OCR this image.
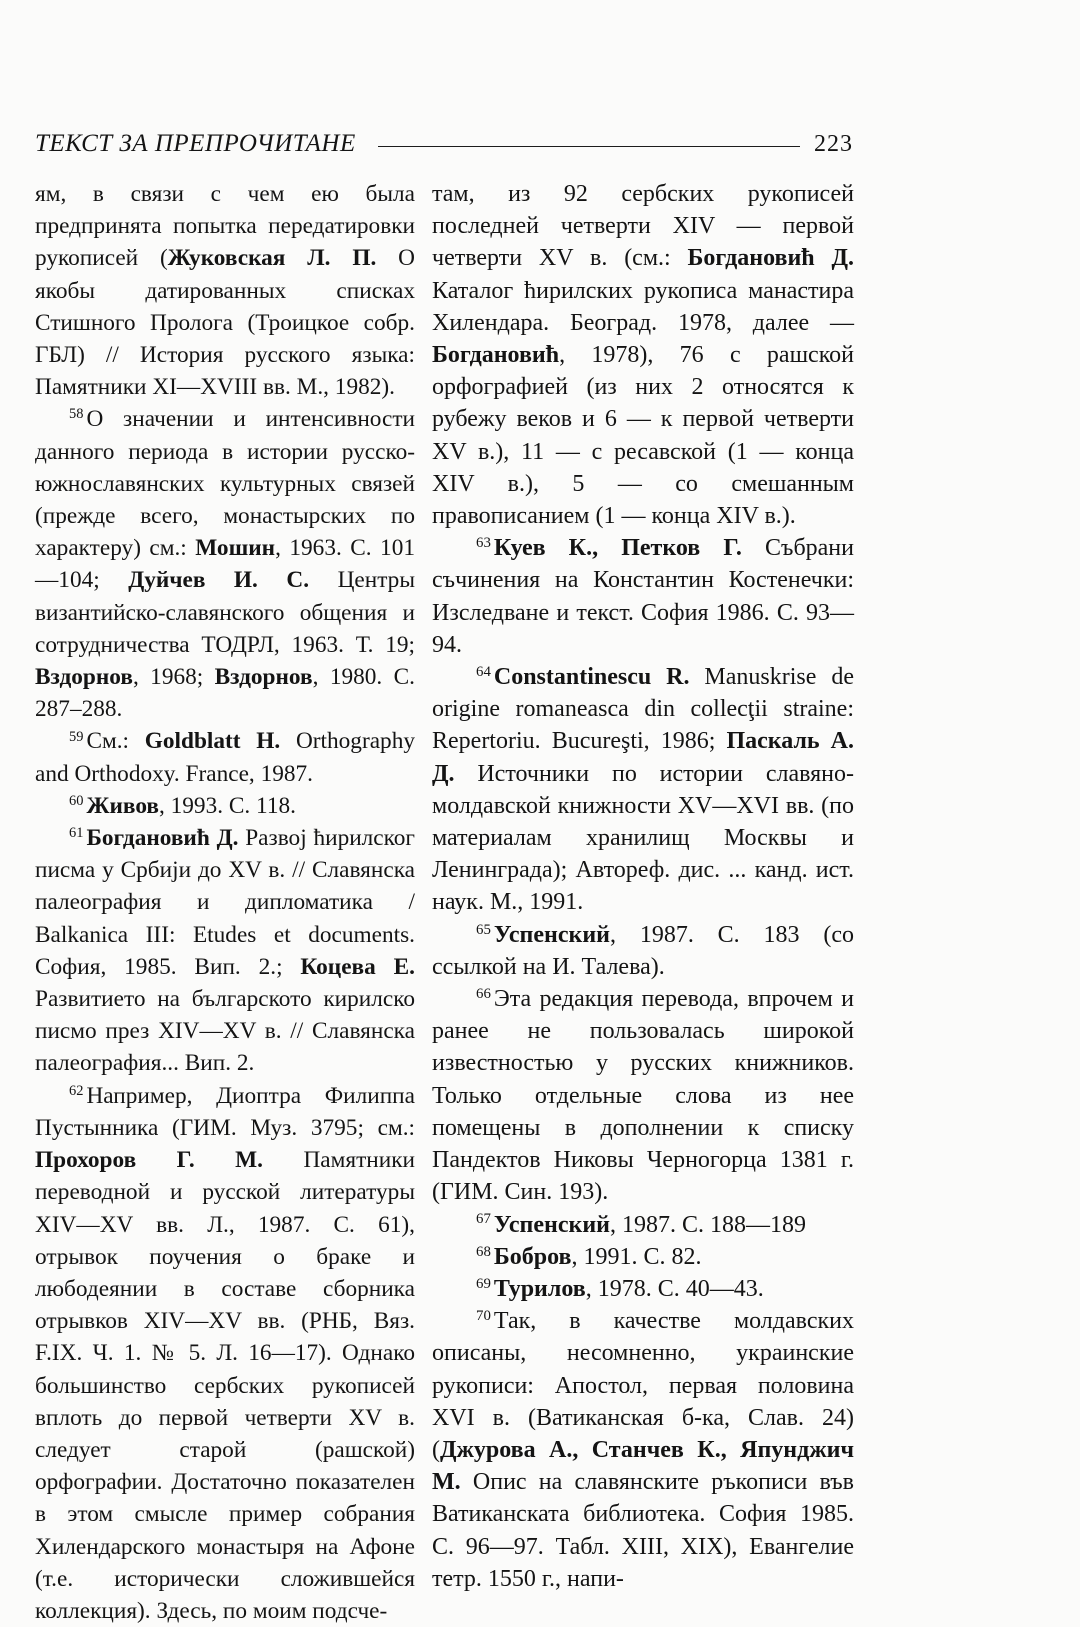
ТЕКСТ ЗА ПРЕПРОЧИТАНЕ	223

ям, в связи с чем ею была предпринята попытка передатировки рукописей (Жуковская Л. П. О якобы датированных списках Стишного Пролога (Троицкое собр. ГБЛ) // История русского языка: Памятники XI—XVIII вв. М., 1982).

$^{58}$ О значении и интенсивности данного периода в истории русско-южнославянских культурных связей (прежде всего, монастырских по характеру) см.: Мошин, 1963. С. 101—104; Дуйчев И. С. Центры византийско-славянского общения и сотрудничества ТОДРЛ, 1963. Т. 19; Вздорнов, 1968; Вздорнов, 1980. С. 287–288.

$^{59}$ См.: Goldblatt H. Orthography and Orthodoxy. France, 1987.

$^{60}$ Живов, 1993. С. 118.

$^{61}$ Богдановић Д. Развој ћирилског писма у Србији до XV в. // Славянска палеография и дипломатика / Balkanica III: Etudes et documents. София, 1985. Вип. 2.; Коцева Е. Развитието на българското кирилско писмо през XIV—XV в. // Славянска палеография... Вип. 2.

$^{62}$ Например, Диоптра Филиппа Пустынника (ГИМ. Муз. 3795; см.: Прохоров Г. М. Памятники переводной и русской литературы XIV—XV вв. Л., 1987. С. 61), отрывок поучения о браке и любодеянии в составе сборника отрывков XIV—XV вв. (РНБ, Вяз. F.IX. Ч. 1. № 5. Л. 16—17). Однако большинство сербских рукописей вплоть до первой четверти XV в. следует старой (рашской) орфографии. Достаточно показателен в этом смысле пример собрания Хилендарского монастыря на Афоне (т.е. исторически сложившейся коллекция). Здесь, по моим подсче-

там, из 92 сербских рукописей последней четверти XIV — первой четверти XV в. (см.: Богдановић Д. Каталог ћирилских рукописа манастира Хилендара. Београд. 1978, далее — Богдановић, 1978), 76 с рашской орфографией (из них 2 относятся к рубежу веков и 6 — к первой четверти XV в.), 11 — с ресавской (1 — конца XIV в.), 5 — со смешанным правописанием (1 — конца XIV в.).

$^{63}$ Куев К., Петков Г. Събрани съчинения на Константин Костенечки: Изследване и текст. София 1986. С. 93—94.

$^{64}$ Constantinescu R. Manuskrise de origine romaneasca din collecţii straine: Repertoriu. Bucureşti, 1986; Паскаль А. Д. Источники по истории славяно-молдавской книжности XV—XVI вв. (по материалам хранилищ Москвы и Ленинграда); Автореф. дис. ... канд. ист. наук. М., 1991.

$^{65}$ Успенский, 1987. С. 183 (со ссылкой на И. Талева).

$^{66}$ Эта редакция перевода, впрочем и ранее не пользовалась широкой известностью у русских книжников. Только отдельные слова из нее помещены в дополнении к списку Пандектов Никовы Черногорца 1381 г. (ГИМ. Син. 193).

$^{67}$ Успенский, 1987. С. 188—189

$^{68}$ Бобров, 1991. С. 82.

$^{69}$ Турилов, 1978. С. 40—43.

$^{70}$ Так, в качестве молдавских описаны, несомненно, украинские рукописи: Апостол, первая половина XVI в. (Ватиканская б-ка, Слав. 24) (Джурова А., Станчев К., Япунджич М. Опис на славянските ръкописи във Ватиканската библиотека. София 1985. С. 96—97. Табл. XIII, XIX), Евангелие тетр. 1550 г., напи-
